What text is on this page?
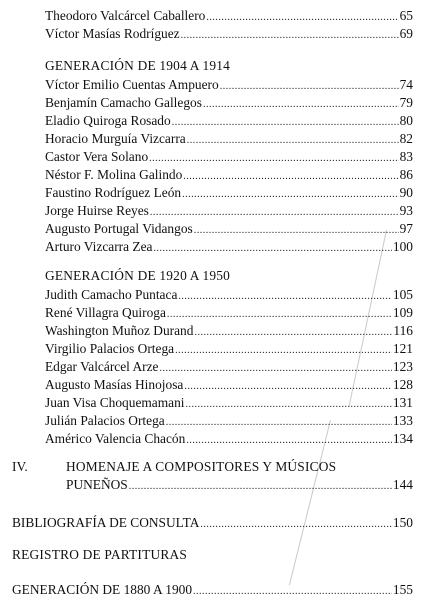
Theodoro Valcárcel Caballero .....	65
Víctor Masías Rodríguez .....	69
GENERACIÓN DE 1904 A 1914
Víctor Emilio Cuentas Ampuero .....	74
Benjamín Camacho Gallegos .....	79
Eladio Quiroga Rosado .....	80
Horacio Murguía Vizcarra .....	82
Castor Vera Solano .....	83
Néstor F. Molina Galindo .....	86
Faustino Rodríguez León .....	90
Jorge Huirse Reyes .....	93
Augusto Portugal Vidangos .....	97
Arturo Vizcarra Zea .....	100
GENERACIÓN DE 1920 A 1950
Judith Camacho Puntaca .....	105
René Villagra Quiroga .....	109
Washington Muñoz Durand .....	116
Virgilio Palacios Ortega .....	121
Edgar Valcárcel Arze .....	123
Augusto Masías Hinojosa .....	128
Juan Visa Choquemamani .....	131
Julián Palacios Ortega .....	133
Américo Valencia Chacón .....	134
IV.	HOMENAJE A COMPOSITORES Y MÚSICOS
PUNEÑOS .....	144
BIBLIOGRAFÍA DE CONSULTA .....	150
REGISTRO DE PARTITURAS
GENERACIÓN DE 1880 A 1900 .....	155
